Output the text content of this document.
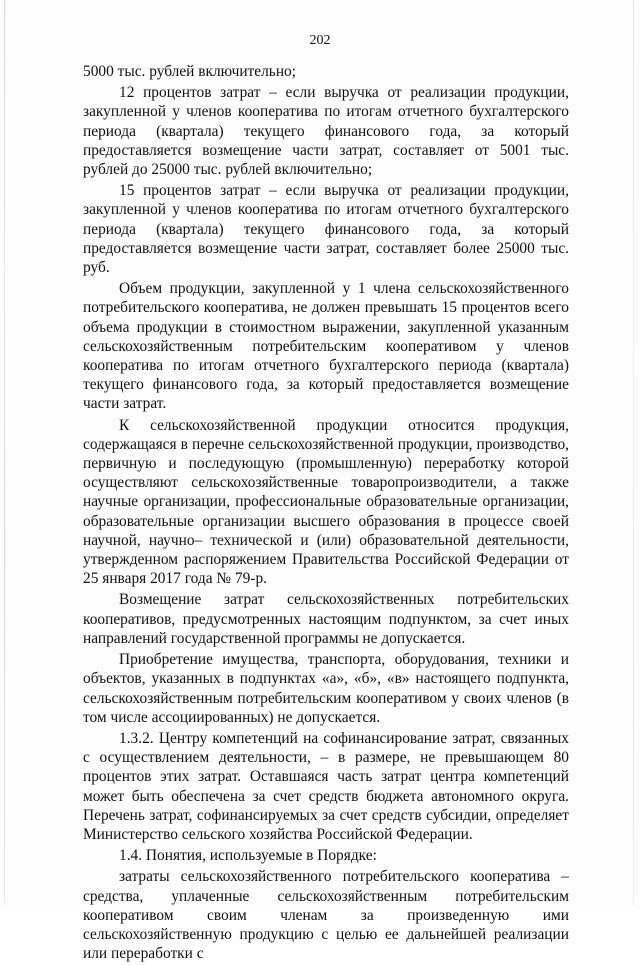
202

5000 тыс. рублей включительно;

12 процентов затрат – если выручка от реализации продукции, закупленной у членов кооператива по итогам отчетного бухгалтерского периода (квартала) текущего финансового года, за который предоставляется возмещение части затрат, составляет от 5001 тыс. рублей до 25000 тыс. рублей включительно;

15 процентов затрат – если выручка от реализации продукции, закупленной у членов кооператива по итогам отчетного бухгалтерского периода (квартала) текущего финансового года, за который предоставляется возмещение части затрат, составляет более 25000 тыс. руб.

Объем продукции, закупленной у 1 члена сельскохозяйственного потребительского кооператива, не должен превышать 15 процентов всего объема продукции в стоимостном выражении, закупленной указанным сельскохозяйственным потребительским кооперативом у членов кооператива по итогам отчетного бухгалтерского периода (квартала) текущего финансового года, за который предоставляется возмещение части затрат.

К сельскохозяйственной продукции относится продукция, содержащаяся в перечне сельскохозяйственной продукции, производство, первичную и последующую (промышленную) переработку которой осуществляют сельскохозяйственные товаропроизводители, а также научные организации, профессиональные образовательные организации, образовательные организации высшего образования в процессе своей научной, научно– технической и (или) образовательной деятельности, утвержденном распоряжением Правительства Российской Федерации от 25 января 2017 года № 79-р.

Возмещение затрат сельскохозяйственных потребительских кооперативов, предусмотренных настоящим подпунктом, за счет иных направлений государственной программы не допускается.

Приобретение имущества, транспорта, оборудования, техники и объектов, указанных в подпунктах «а», «б», «в» настоящего подпункта, сельскохозяйственным потребительским кооперативом у своих членов (в том числе ассоциированных) не допускается.

1.3.2. Центру компетенций на софинансирование затрат, связанных с осуществлением деятельности, – в размере, не превышающем 80 процентов этих затрат. Оставшаяся часть затрат центра компетенций может быть обеспечена за счет средств бюджета автономного округа. Перечень затрат, софинансируемых за счет средств субсидии, определяет Министерство сельского хозяйства Российской Федерации.

1.4. Понятия, используемые в Порядке:

затраты сельскохозяйственного потребительского кооператива – средства, уплаченные сельскохозяйственным потребительским кооперативом своим членам за произведенную ими сельскохозяйственную продукцию с целью ее дальнейшей реализации или переработки с
